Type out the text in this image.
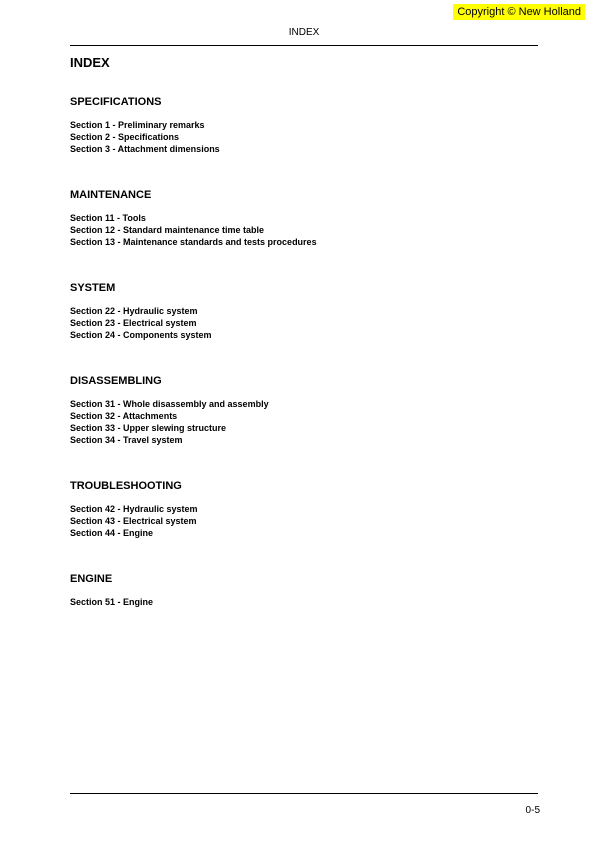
Copyright © New Holland
INDEX
INDEX
SPECIFICATIONS
Section 1 - Preliminary remarks
Section 2 - Specifications
Section 3 - Attachment dimensions
MAINTENANCE
Section 11 - Tools
Section 12 - Standard maintenance time table
Section 13 - Maintenance standards and tests procedures
SYSTEM
Section 22 - Hydraulic system
Section 23 - Electrical system
Section 24 - Components system
DISASSEMBLING
Section 31 - Whole disassembly and assembly
Section 32 - Attachments
Section 33 - Upper slewing structure
Section 34 - Travel system
TROUBLESHOOTING
Section 42 - Hydraulic system
Section 43 - Electrical system
Section 44 - Engine
ENGINE
Section 51 - Engine
0-5
